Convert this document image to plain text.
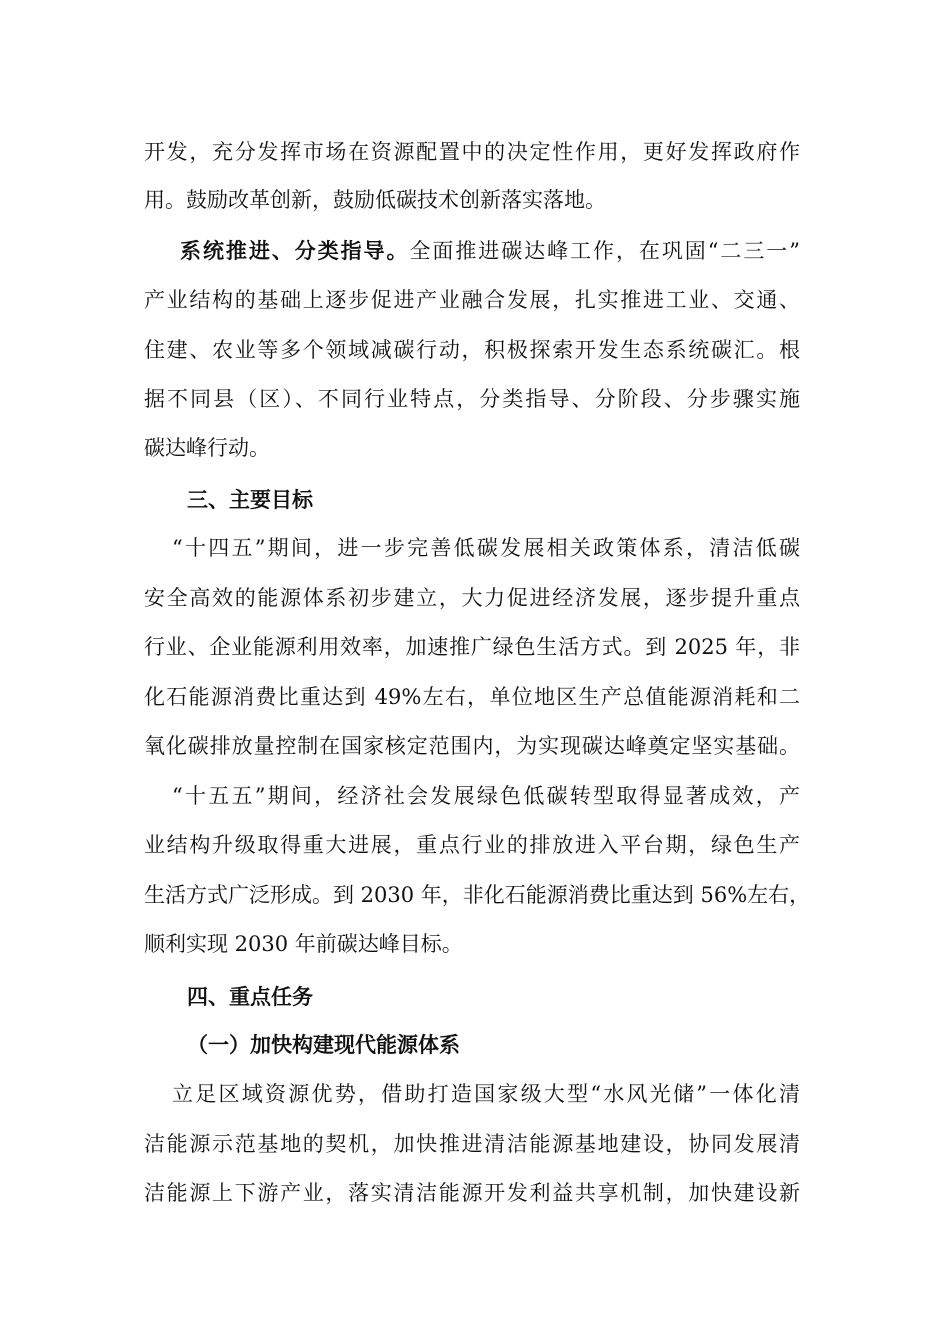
开发，充分发挥市场在资源配置中的决定性作用，更好发挥政府作
用。鼓励改革创新，鼓励低碳技术创新落实落地。
系统推进、分类指导。全面推进碳达峰工作，在巩固“二三一”
产业结构的基础上逐步促进产业融合发展，扎实推进工业、交通、
住建、农业等多个领域减碳行动，积极探索开发生态系统碳汇。根
据不同县（区）、不同行业特点，分类指导、分阶段、分步骤实施
碳达峰行动。
三、主要目标
“十四五”期间，进一步完善低碳发展相关政策体系，清洁低碳
安全高效的能源体系初步建立，大力促进经济发展，逐步提升重点
行业、企业能源利用效率，加速推广绿色生活方式。到 2025 年，非
化石能源消费比重达到 49%左右，单位地区生产总值能源消耗和二
氧化碳排放量控制在国家核定范围内，为实现碳达峰奠定坚实基础。
“十五五”期间，经济社会发展绿色低碳转型取得显著成效，产
业结构升级取得重大进展，重点行业的排放进入平台期，绿色生产
生活方式广泛形成。到 2030 年，非化石能源消费比重达到 56%左右，
顺利实现 2030 年前碳达峰目标。
四、重点任务
（一）加快构建现代能源体系
立足区域资源优势，借助打造国家级大型“水风光储”一体化清
洁能源示范基地的契机，加快推进清洁能源基地建设，协同发展清
洁能源上下游产业，落实清洁能源开发利益共享机制，加快建设新
